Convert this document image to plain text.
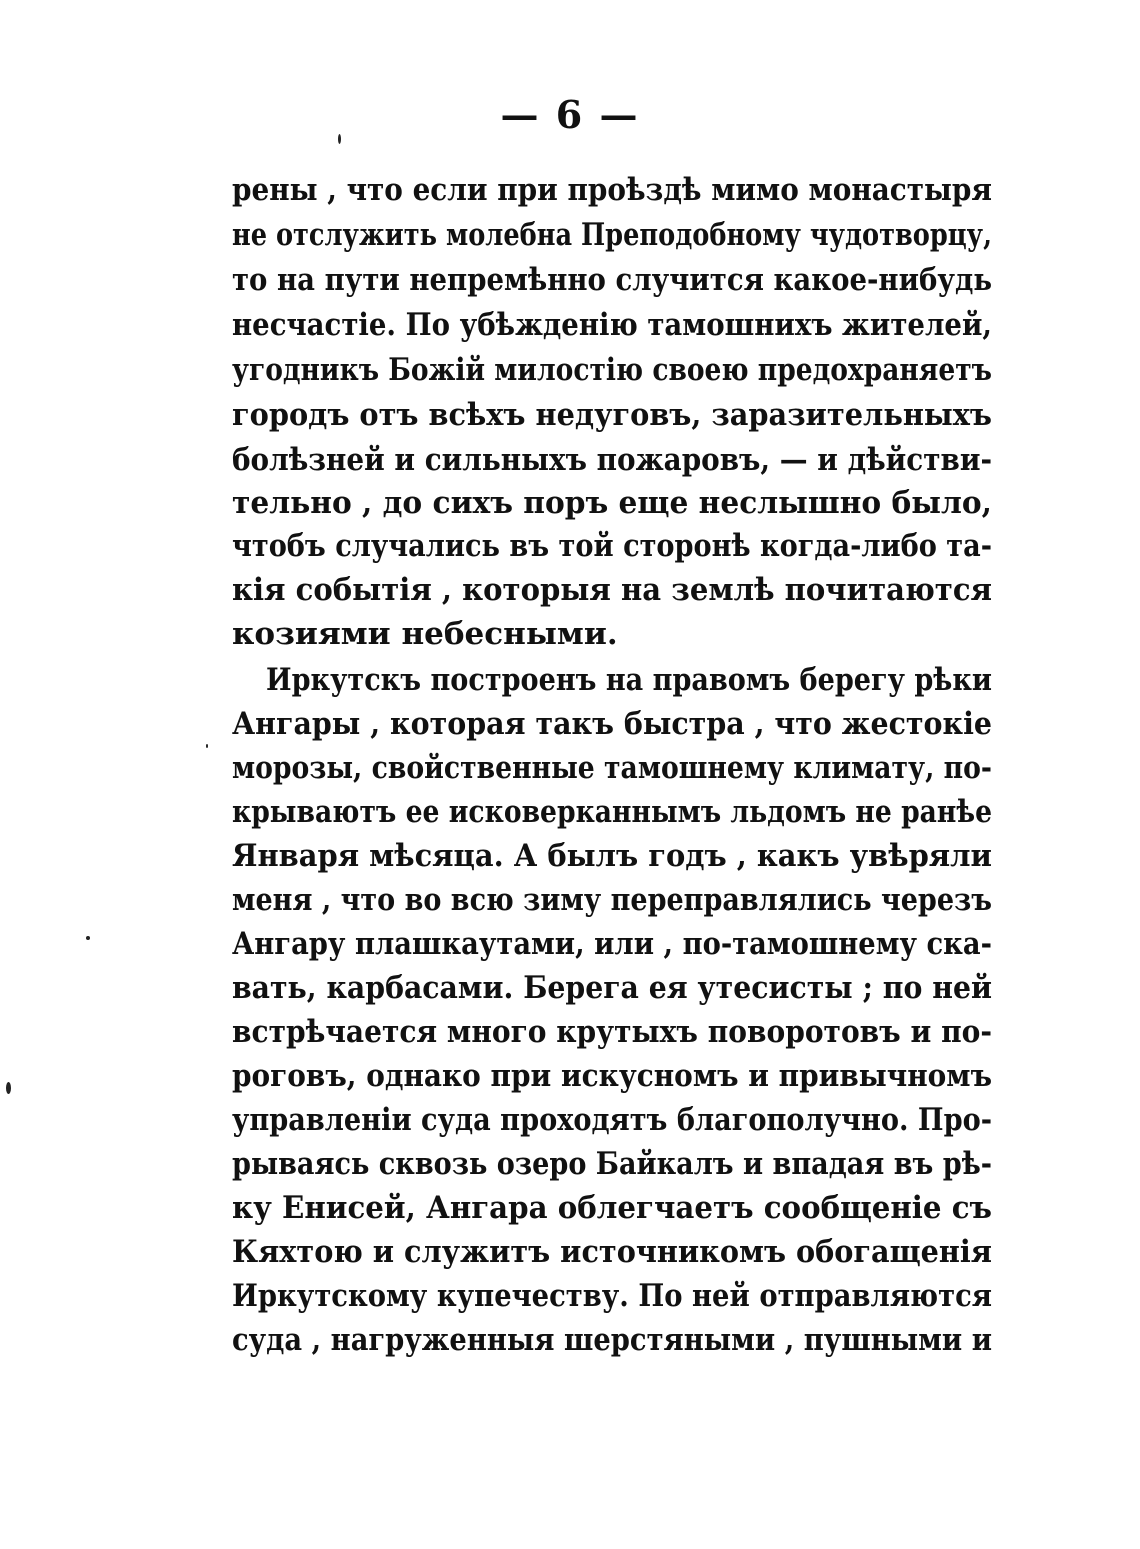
— 6 —
рены , что если при проѣздѣ мимо монастыря
не отслужить молебна Преподобному чудотворцу,
то на пути непремѣнно случится какое-нибудь
несчастіе. По убѣжденію тамошнихъ жителей,
угодникъ Божій милостію своею предохраняетъ
городъ отъ всѣхъ недуговъ, заразительныхъ
болѣзней и сильныхъ пожаровъ, — и дѣйстви-
тельно , до сихъ поръ еще неслышно было,
чтобъ случались въ той сторонѣ когда-либо та-
кія событія , которыя на землѣ почитаются
козиями небесными.
Иркутскъ построенъ на правомъ берегу рѣки
Ангары , которая такъ быстра , что жестокіе
морозы, свойственные тамошнему климату, по-
крываютъ ее исковерканнымъ льдомъ не ранѣе
Января мѣсяца. А былъ годъ , какъ увѣряли
меня , что во всю зиму переправлялись черезъ
Ангару плашкаутами, или , по-тамошнему ска-
вать, карбасами. Берега ея утесисты ; по ней
встрѣчается много крутыхъ поворотовъ и по-
роговъ, однако при искусномъ и привычномъ
управленіи суда проходятъ благополучно. Про-
рываясь сквозь озеро Байкалъ и впадая въ рѣ-
ку Енисей, Ангара облегчаетъ сообщеніе съ
Кяхтою и служитъ источникомъ обогащенія
Иркутскому купечеству. По ней отправляются
суда , нагруженныя шерстяными , пушными и
